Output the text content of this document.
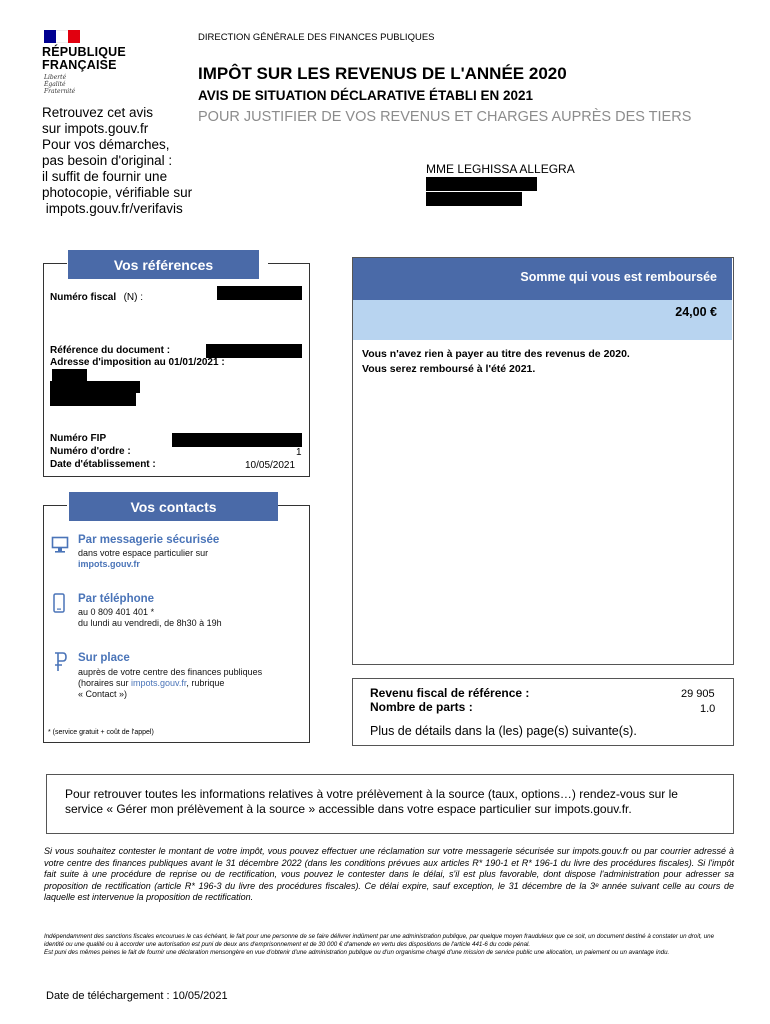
RÉPUBLIQUE
FRANÇAISE
Liberté
Égalité
Fraternité
DIRECTION GÉNÉRALE DES FINANCES PUBLIQUES
IMPÔT SUR LES REVENUS DE L'ANNÉE 2020
AVIS DE SITUATION DÉCLARATIVE ÉTABLI EN 2021
POUR JUSTIFIER DE VOS REVENUS ET CHARGES AUPRÈS DES TIERS
Retrouvez cet avis
sur impots.gouv.fr
Pour vos démarches,
pas besoin d'original :
il suffit de fournir une
photocopie, vérifiable sur
impots.gouv.fr/verifavis
MME LEGHISSA ALLEGRA
Vos références
Numéro fiscal (N) :
Référence du document :
Adresse d'imposition au 01/01/2021 :
Numéro FIP
Numéro d'ordre :	1
Date d'établissement :	10/05/2021
Vos contacts
Par messagerie sécurisée
dans votre espace particulier sur
impots.gouv.fr
Par téléphone
au 0 809 401 401 *
du lundi au vendredi, de 8h30 à 19h
Sur place
auprès de votre centre des finances publiques
(horaires sur impots.gouv.fr, rubrique
« Contact »)
* (service gratuit + coût de l'appel)
Somme qui vous est remboursée
24,00 €
Vous n'avez rien à payer au titre des revenus de 2020.
Vous serez remboursé à l'été 2021.
Revenu fiscal de référence :	29 905
Nombre de parts :	1.0
Plus de détails dans la (les) page(s) suivante(s).
Pour retrouver toutes les informations relatives à votre prélèvement à la source (taux, options…) rendez-vous sur le service « Gérer mon prélèvement à la source » accessible dans votre espace particulier sur impots.gouv.fr.
Si vous souhaitez contester le montant de votre impôt, vous pouvez effectuer une réclamation sur votre messagerie sécurisée sur impots.gouv.fr ou par courrier adressé à votre centre des finances publiques avant le 31 décembre 2022 (dans les conditions prévues aux articles R* 190-1 et R* 196-1 du livre des procédures fiscales). Si l'impôt fait suite à une procédure de reprise ou de rectification, vous pouvez le contester dans le délai, s'il est plus favorable, dont dispose l'administration pour adresser sa proposition de rectification (article R* 196-3 du livre des procédures fiscales). Ce délai expire, sauf exception, le 31 décembre de la 3ᵉ année suivant celle au cours de laquelle est intervenue la proposition de rectification.
Indépendamment des sanctions fiscales encourues le cas échéant, le fait pour une personne de se faire délivrer indûment par une administration publique, par quelque moyen frauduleux que ce soit, un document destiné à constater un droit, une identité ou une qualité ou à accorder une autorisation est puni de deux ans d'emprisonnement et de 30 000 € d'amende en vertu des dispositions de l'article 441-6 du code pénal.
Est puni des mêmes peines le fait de fournir une déclaration mensongère en vue d'obtenir d'une administration publique ou d'un organisme chargé d'une mission de service public une allocation, un paiement ou un avantage indu.
Date de téléchargement : 10/05/2021
